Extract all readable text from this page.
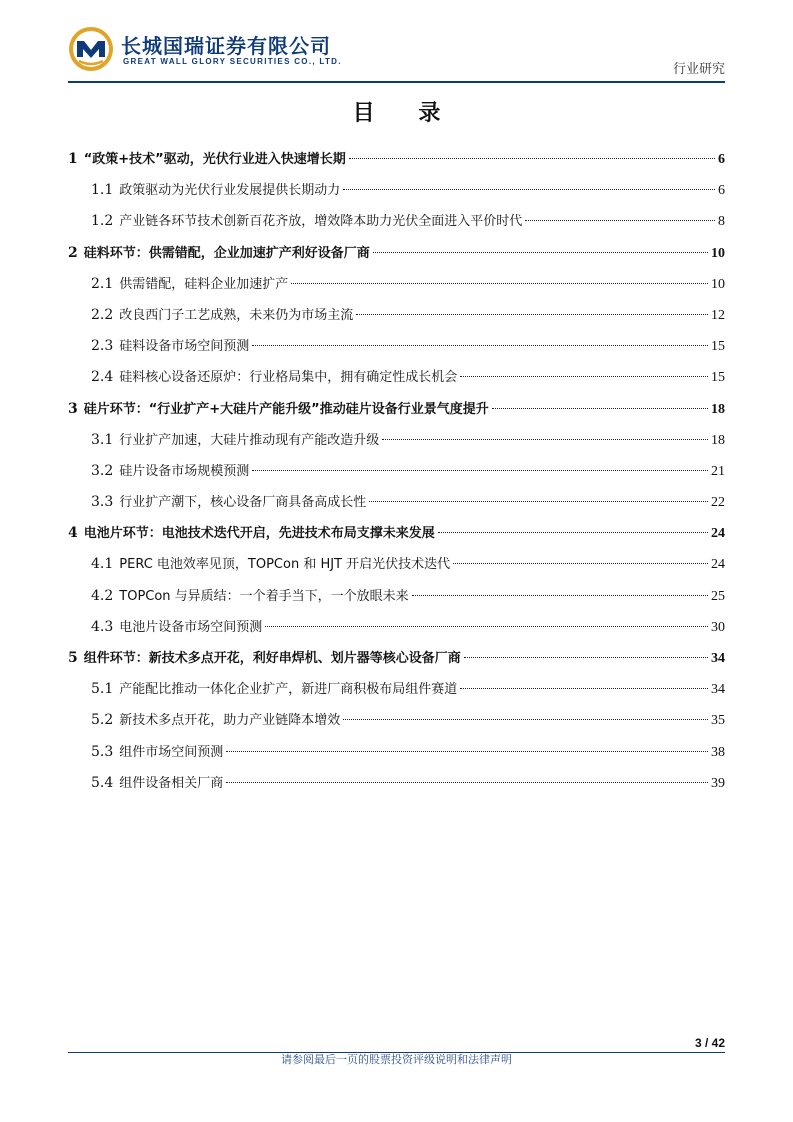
长城国瑞证券有限公司
GREAT WALL GLORY SECURITIES CO., LTD.
行业研究
目 录
1 “政策+技术”驱动，光伏行业进入快速增长期	6
1.1 政策驱动为光伏行业发展提供长期动力	6
1.2 产业链各环节技术创新百花齐放，增效降本助力光伏全面进入平价时代	8
2 硅料环节：供需错配，企业加速扩产利好设备厂商	10
2.1 供需错配，硅料企业加速扩产	10
2.2 改良西门子工艺成熟，未来仍为市场主流	12
2.3 硅料设备市场空间预测	15
2.4 硅料核心设备还原炉：行业格局集中，拥有确定性成长机会	15
3 硅片环节：“行业扩产+大硅片产能升级”推动硅片设备行业景气度提升	18
3.1 行业扩产加速，大硅片推动现有产能改造升级	18
3.2 硅片设备市场规模预测	21
3.3 行业扩产潮下，核心设备厂商具备高成长性	22
4 电池片环节：电池技术迭代开启，先进技术布局支撑未来发展	24
4.1 PERC 电池效率见顶，TOPCon 和 HJT 开启光伏技术迭代	24
4.2 TOPCon 与异质结：一个着手当下，一个放眼未来	25
4.3 电池片设备市场空间预测	30
5 组件环节：新技术多点开花，利好串焊机、划片器等核心设备厂商	34
5.1 产能配比推动一体化企业扩产，新进厂商积极布局组件赛道	34
5.2 新技术多点开花，助力产业链降本增效	35
5.3 组件市场空间预测	38
5.4 组件设备相关厂商	39
3 / 42
请参阅最后一页的股票投资评级说明和法律声明
